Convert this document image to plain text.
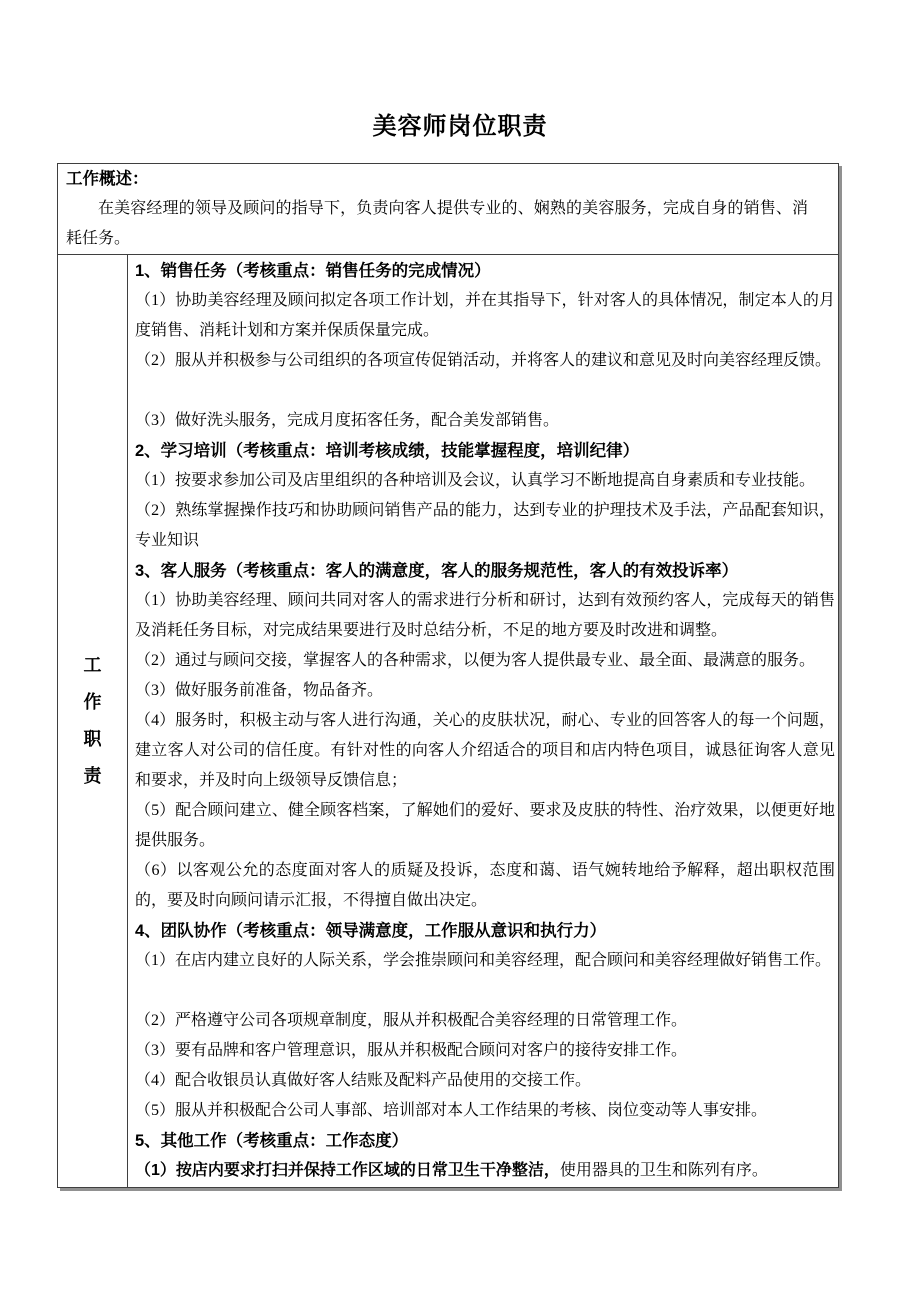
美容师岗位职责
工作概述：

在美容经理的领导及顾问的指导下，负责向客人提供专业的、娴熟的美容服务，完成自身的销售、消耗任务。

工
作
职
责

1、销售任务（考核重点：销售任务的完成情况）

（1）协助美容经理及顾问拟定各项工作计划，并在其指导下，针对客人的具体情况，制定本人的月度销售、消耗计划和方案并保质保量完成。

（2）服从并积极参与公司组织的各项宣传促销活动，并将客人的建议和意见及时向美容经理反馈。

（3）做好洗头服务，完成月度拓客任务，配合美发部销售。

2、学习培训（考核重点：培训考核成绩，技能掌握程度，培训纪律）

（1）按要求参加公司及店里组织的各种培训及会议，认真学习不断地提高自身素质和专业技能。

（2）熟练掌握操作技巧和协助顾问销售产品的能力，达到专业的护理技术及手法，产品配套知识，专业知识

3、客人服务（考核重点：客人的满意度，客人的服务规范性，客人的有效投诉率）

（1）协助美容经理、顾问共同对客人的需求进行分析和研讨，达到有效预约客人，完成每天的销售及消耗任务目标，对完成结果要进行及时总结分析，不足的地方要及时改进和调整。

（2）通过与顾问交接，掌握客人的各种需求，以便为客人提供最专业、最全面、最满意的服务。

（3）做好服务前准备，物品备齐。

（4）服务时，积极主动与客人进行沟通，关心的皮肤状况，耐心、专业的回答客人的每一个问题，建立客人对公司的信任度。有针对性的向客人介绍适合的项目和店内特色项目，诚恳征询客人意见和要求，并及时向上级领导反馈信息；

（5）配合顾问建立、健全顾客档案，了解她们的爱好、要求及皮肤的特性、治疗效果，以便更好地提供服务。

（6）以客观公允的态度面对客人的质疑及投诉，态度和蔼、语气婉转地给予解释，超出职权范围的，要及时向顾问请示汇报，不得擅自做出决定。

4、团队协作（考核重点：领导满意度，工作服从意识和执行力）

（1）在店内建立良好的人际关系，学会推崇顾问和美容经理，配合顾问和美容经理做好销售工作。

（2）严格遵守公司各项规章制度，服从并积极配合美容经理的日常管理工作。

（3）要有品牌和客户管理意识，服从并积极配合顾问对客户的接待安排工作。

（4）配合收银员认真做好客人结账及配料产品使用的交接工作。

（5）服从并积极配合公司人事部、培训部对本人工作结果的考核、岗位变动等人事安排。

5、其他工作（考核重点：工作态度）

（1）按店内要求打扫并保持工作区域的日常卫生干净整洁，使用器具的卫生和陈列有序。
